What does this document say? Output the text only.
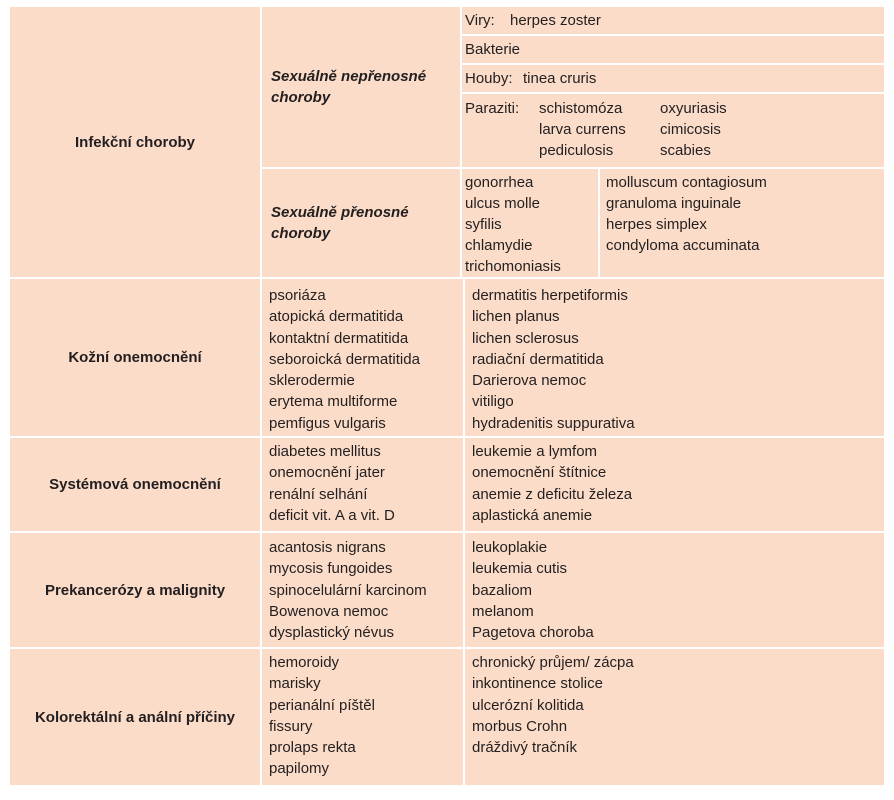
Infekční choroby
Sexuálně nepřenosné choroby
Viry: herpes zoster
Bakterie
Houby: tinea cruris
Paraziti: schistomóza
larva currens
pediculosis
oxyuriasis
cimicosis
scabies
Sexuálně přenosné choroby
gonorrhea
ulcus molle
syfilis
chlamydie
trichomoniasis
molluscum contagiosum
granuloma inguinale
herpes simplex
condyloma accuminata
Kožní onemocnění
psoriáza
atopická dermatitida
kontaktní dermatitida
seboroická dermatitida
sklerodermie
erytema multiforme
pemfigus vulgaris
dermatitis herpetiformis
lichen planus
lichen sclerosus
radiační dermatitida
Darierova nemoc
vitiligo
hydradenitis suppurativa
Systémová onemocnění
diabetes mellitus
onemocnění jater
renální selhání
deficit vit. A a vit. D
leukemie a lymfom
onemocnění štítnice
anemie z deficitu železa
aplastická anemie
Prekancerózy a malignity
acantosis nigrans
mycosis fungoides
spinocelulární karcinom
Bowenova nemoc
dysplastický névus
leukoplakie
leukemia cutis
bazaliom
melanom
Pagetova choroba
Kolorektální a anální příčiny
hemoroidy
marisky
perianální píštěl
fissury
prolaps rekta
papilomy
chronický průjem/ zácpa
inkontinence stolice
ulcerózní kolitida
morbus Crohn
dráždivý tračník
